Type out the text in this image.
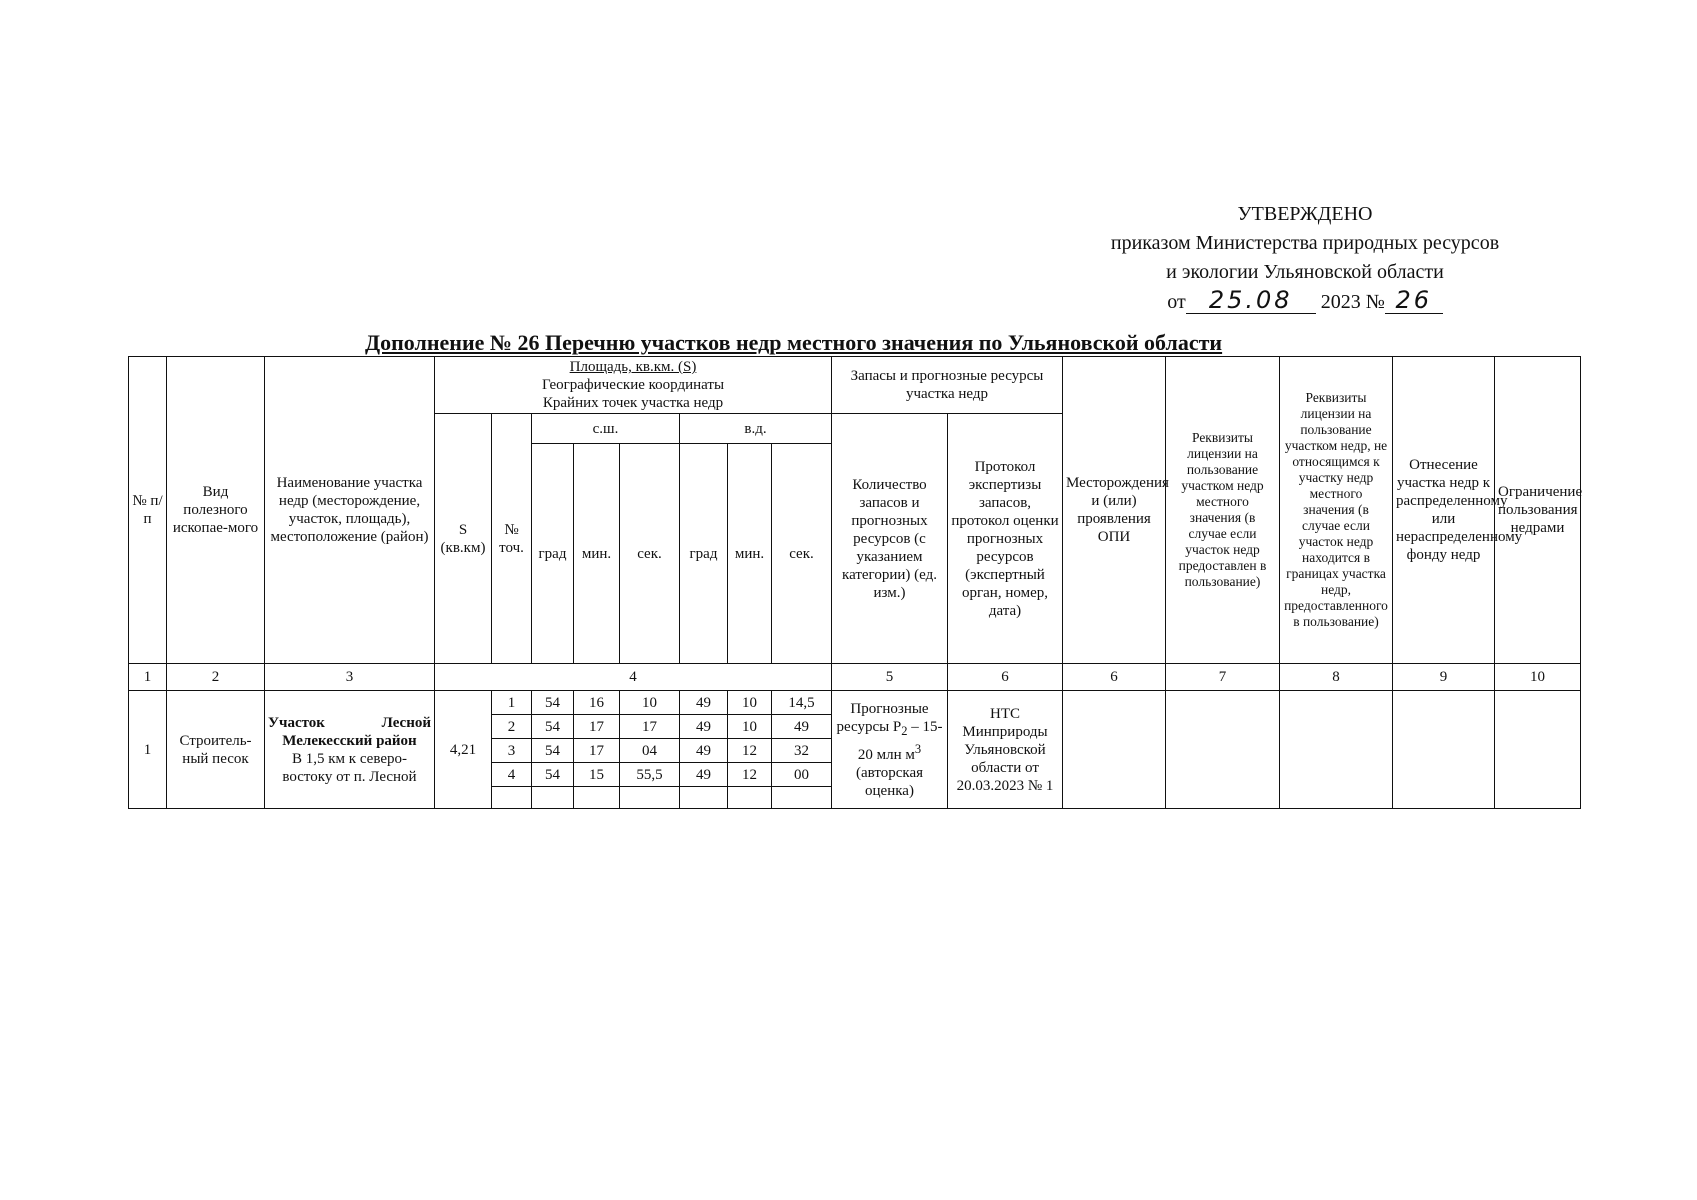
УТВЕРЖДЕНО
приказом Министерства природных ресурсов
и экологии Ульяновской области
от 25.08 2023 № 26
Дополнение № 26 Перечню участков недр местного значения по Ульяновской области
№ п/п	Вид полезного ископае-мого	Наименование участка недр (месторождение, участок, площадь), местоположение (район)	Площадь, кв.км. (S)
Географические координаты
Крайних точек участка недр								Запасы и прогнозные ресурсы участка недр		Месторождения и (или) проявления ОПИ	Реквизиты лицензии на пользование участком недр местного значения (в случае если участок недр предоставлен в пользование)	Реквизиты лицензии на пользование участком недр, не относящимся к участку недр местного значения (в случае если участок недр находится в границах участка недр, предоставленного в пользование)	Отнесение участка недр к распределенному или нераспределенному фонду недр	Ограничение пользования недрами
			S (кв.км)	№ точ.	с.ш.			в.д.			Количество запасов и прогнозных ресурсов (с указанием категории) (ед. изм.)	Протокол экспертизы запасов, протокол оценки прогнозных ресурсов (экспертный орган, номер, дата)					
					град	мин.	сек.	град	мин.	сек.							

1	2	3	4								5	6	6	7	8	9	10
1	Строитель-ный песок	Участок Лесной
Мелекесский район
В 1,5 км к северо-востоку от п. Лесной	4,21	1	54	16	10	49	10	14,5	Прогнозные ресурсы $Р_2 - 15-20$ млн $м^3$ (авторская оценка)	НТС Минприроды Ульяновской области от 20.03.2023 № 1					
				2	54	17	17	49	10	49							
				3	54	17	04	49	12	32							
				4	54	15	55,5	49	12	00							
